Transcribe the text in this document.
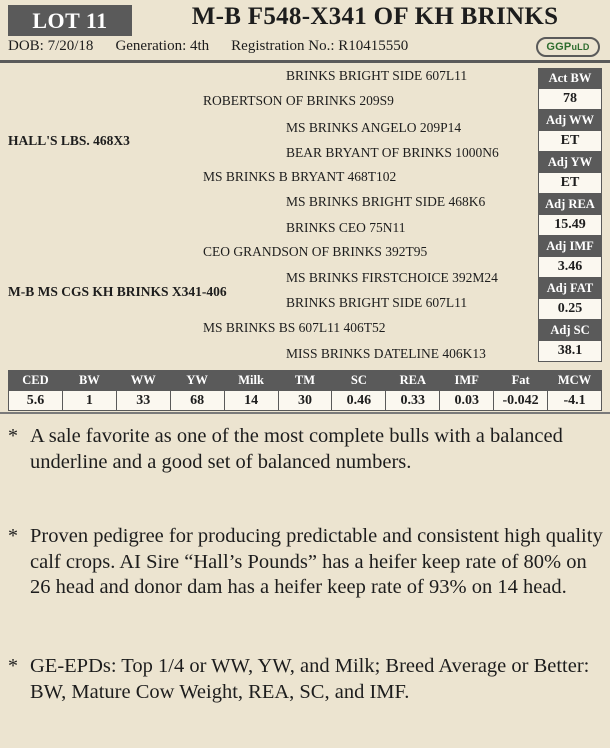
LOT 11	M-B F548-X341 OF KH BRINKS
DOB: 7/20/18 Generation: 4th Registration No.: R10415550	GGP uLD
BRINKS BRIGHT SIDE 607L11
ROBERTSON OF BRINKS 209S9
MS BRINKS ANGELO 209P14
HALL'S LBS. 468X3
BEAR BRYANT OF BRINKS 1000N6
MS BRINKS B BRYANT 468T102
MS BRINKS BRIGHT SIDE 468K6
BRINKS CEO 75N11
CEO GRANDSON OF BRINKS 392T95
MS BRINKS FIRSTCHOICE 392M24
M-B MS CGS KH BRINKS X341-406
BRINKS BRIGHT SIDE 607L11
MS BRINKS BS 607L11 406T52
MISS BRINKS DATELINE 406K13
Act BW
78
Adj WW
ET
Adj YW
ET
Adj REA
15.49
Adj IMF
3.46
Adj FAT
0.25
Adj SC
38.1
CED	BW	WW	YW	Milk	TM	SC	REA	IMF	Fat	MCW
5.6	1	33	68	14	30	0.46	0.33	0.03	-0.042	-4.1
* A sale favorite as one of the most complete bulls with a balanced underline and a good set of balanced numbers.
* Proven pedigree for producing predictable and consistent high quality calf crops. AI Sire “Hall’s Pounds” has a heifer keep rate of 80% on 26 head and donor dam has a heifer keep rate of 93% on 14 head.
* GE-EPDs: Top 1/4 or WW, YW, and Milk; Breed Average or Better: BW, Mature Cow Weight, REA, SC, and IMF.
